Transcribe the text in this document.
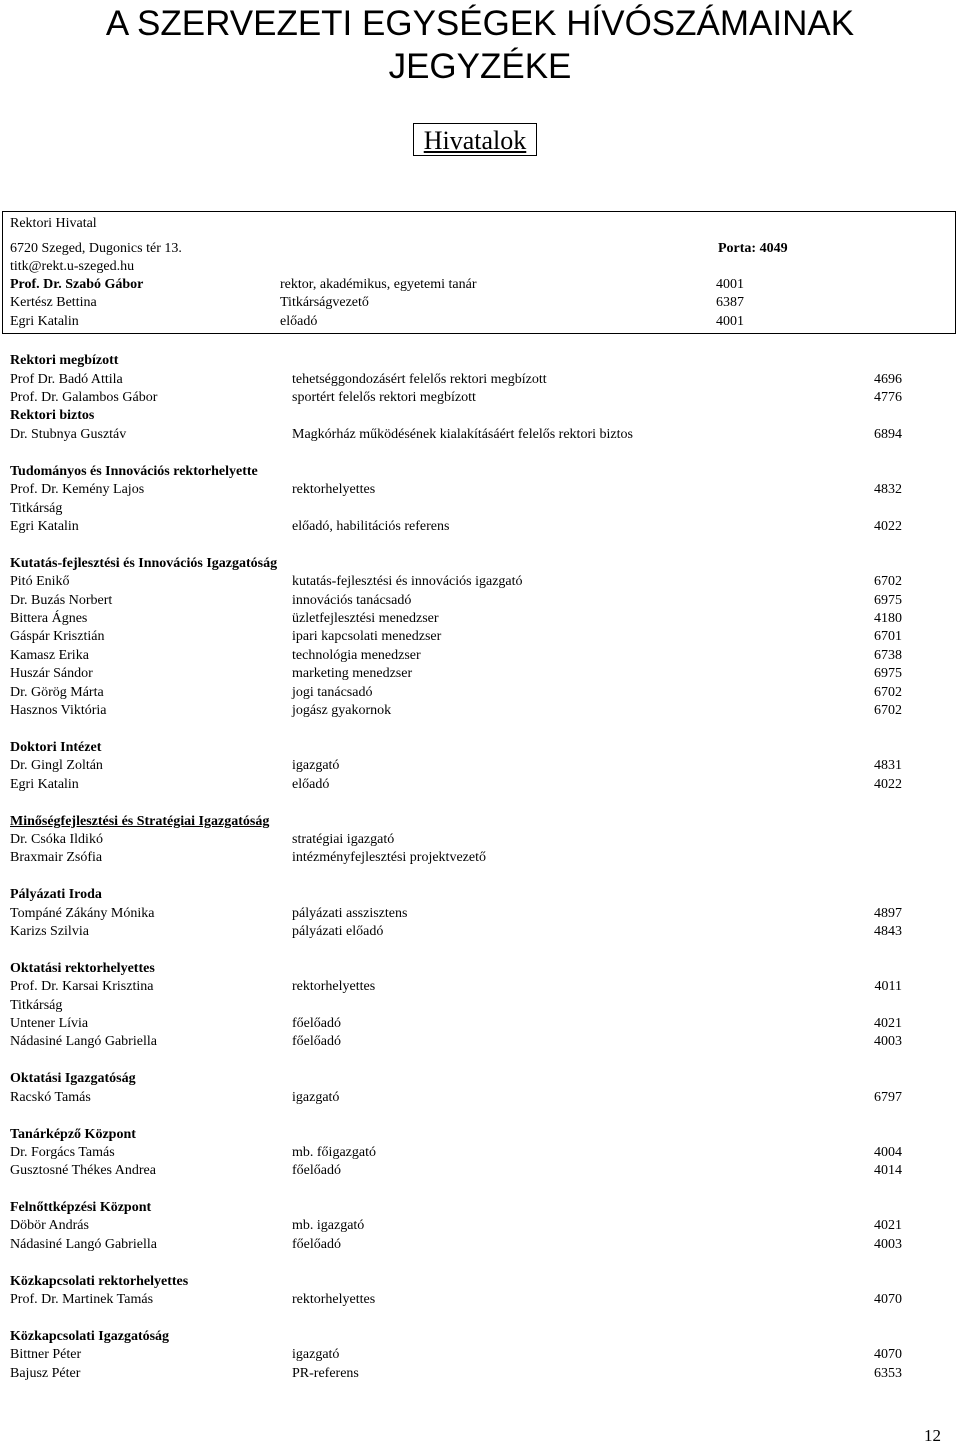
A SZERVEZETI EGYSÉGEK HÍVÓSZÁMAINAK
JEGYZÉKE
Hivatalok
Rektori Hivatal
6720 Szeged, Dugonics tér 13.	Porta: 4049
titk@rekt.u-szeged.hu
Prof. Dr. Szabó Gábor	rektor, akadémikus, egyetemi tanár	4001
Kertész Bettina	Titkárságvezető	6387
Egri Katalin	előadó	4001
Rektori megbízott
Prof Dr. Badó Attila	tehetséggondozásért felelős rektori megbízott	4696
Prof. Dr. Galambos Gábor	sportért felelős rektori megbízott	4776
Rektori biztos
Dr. Stubnya Gusztáv	Magkórház működésének kialakításáért felelős rektori biztos	6894
Tudományos és Innovációs rektorhelyette
Prof. Dr. Kemény Lajos	rektorhelyettes	4832
Titkárság
Egri Katalin	előadó, habilitációs referens	4022
Kutatás-fejlesztési és Innovációs Igazgatóság
Pitó Enikő	kutatás-fejlesztési és innovációs igazgató	6702
Dr. Buzás Norbert	innovációs tanácsadó	6975
Bittera Ágnes	üzletfejlesztési menedzser	4180
Gáspár Krisztián	ipari kapcsolati menedzser	6701
Kamasz Erika	technológia menedzser	6738
Huszár Sándor	marketing menedzser	6975
Dr. Görög Márta	jogi tanácsadó	6702
Hasznos Viktória	jogász gyakornok	6702
Doktori Intézet
Dr. Gingl Zoltán	igazgató	4831
Egri Katalin	előadó	4022
Minőségfejlesztési és Stratégiai Igazgatóság
Dr. Csóka Ildikó	stratégiai igazgató
Braxmair Zsófia	intézményfejlesztési projektvezető
Pályázati Iroda
Tompáné Zákány Mónika	pályázati asszisztens	4897
Karizs Szilvia	pályázati előadó	4843
Oktatási rektorhelyettes
Prof. Dr. Karsai Krisztina	rektorhelyettes	4011
Titkárság
Untener Lívia	főelőadó	4021
Nádasiné Langó Gabriella	főelőadó	4003
Oktatási Igazgatóság
Racskó Tamás	igazgató	6797
Tanárképző Központ
Dr. Forgács Tamás	mb. főigazgató	4004
Gusztosné Thékes Andrea	főelőadó	4014
Felnőttképzési Központ
Döbör András	mb. igazgató	4021
Nádasiné Langó Gabriella	főelőadó	4003
Közkapcsolati rektorhelyettes
Prof. Dr. Martinek Tamás	rektorhelyettes	4070
Közkapcsolati Igazgatóság
Bittner Péter	igazgató	4070
Bajusz Péter	PR-referens	6353
12
